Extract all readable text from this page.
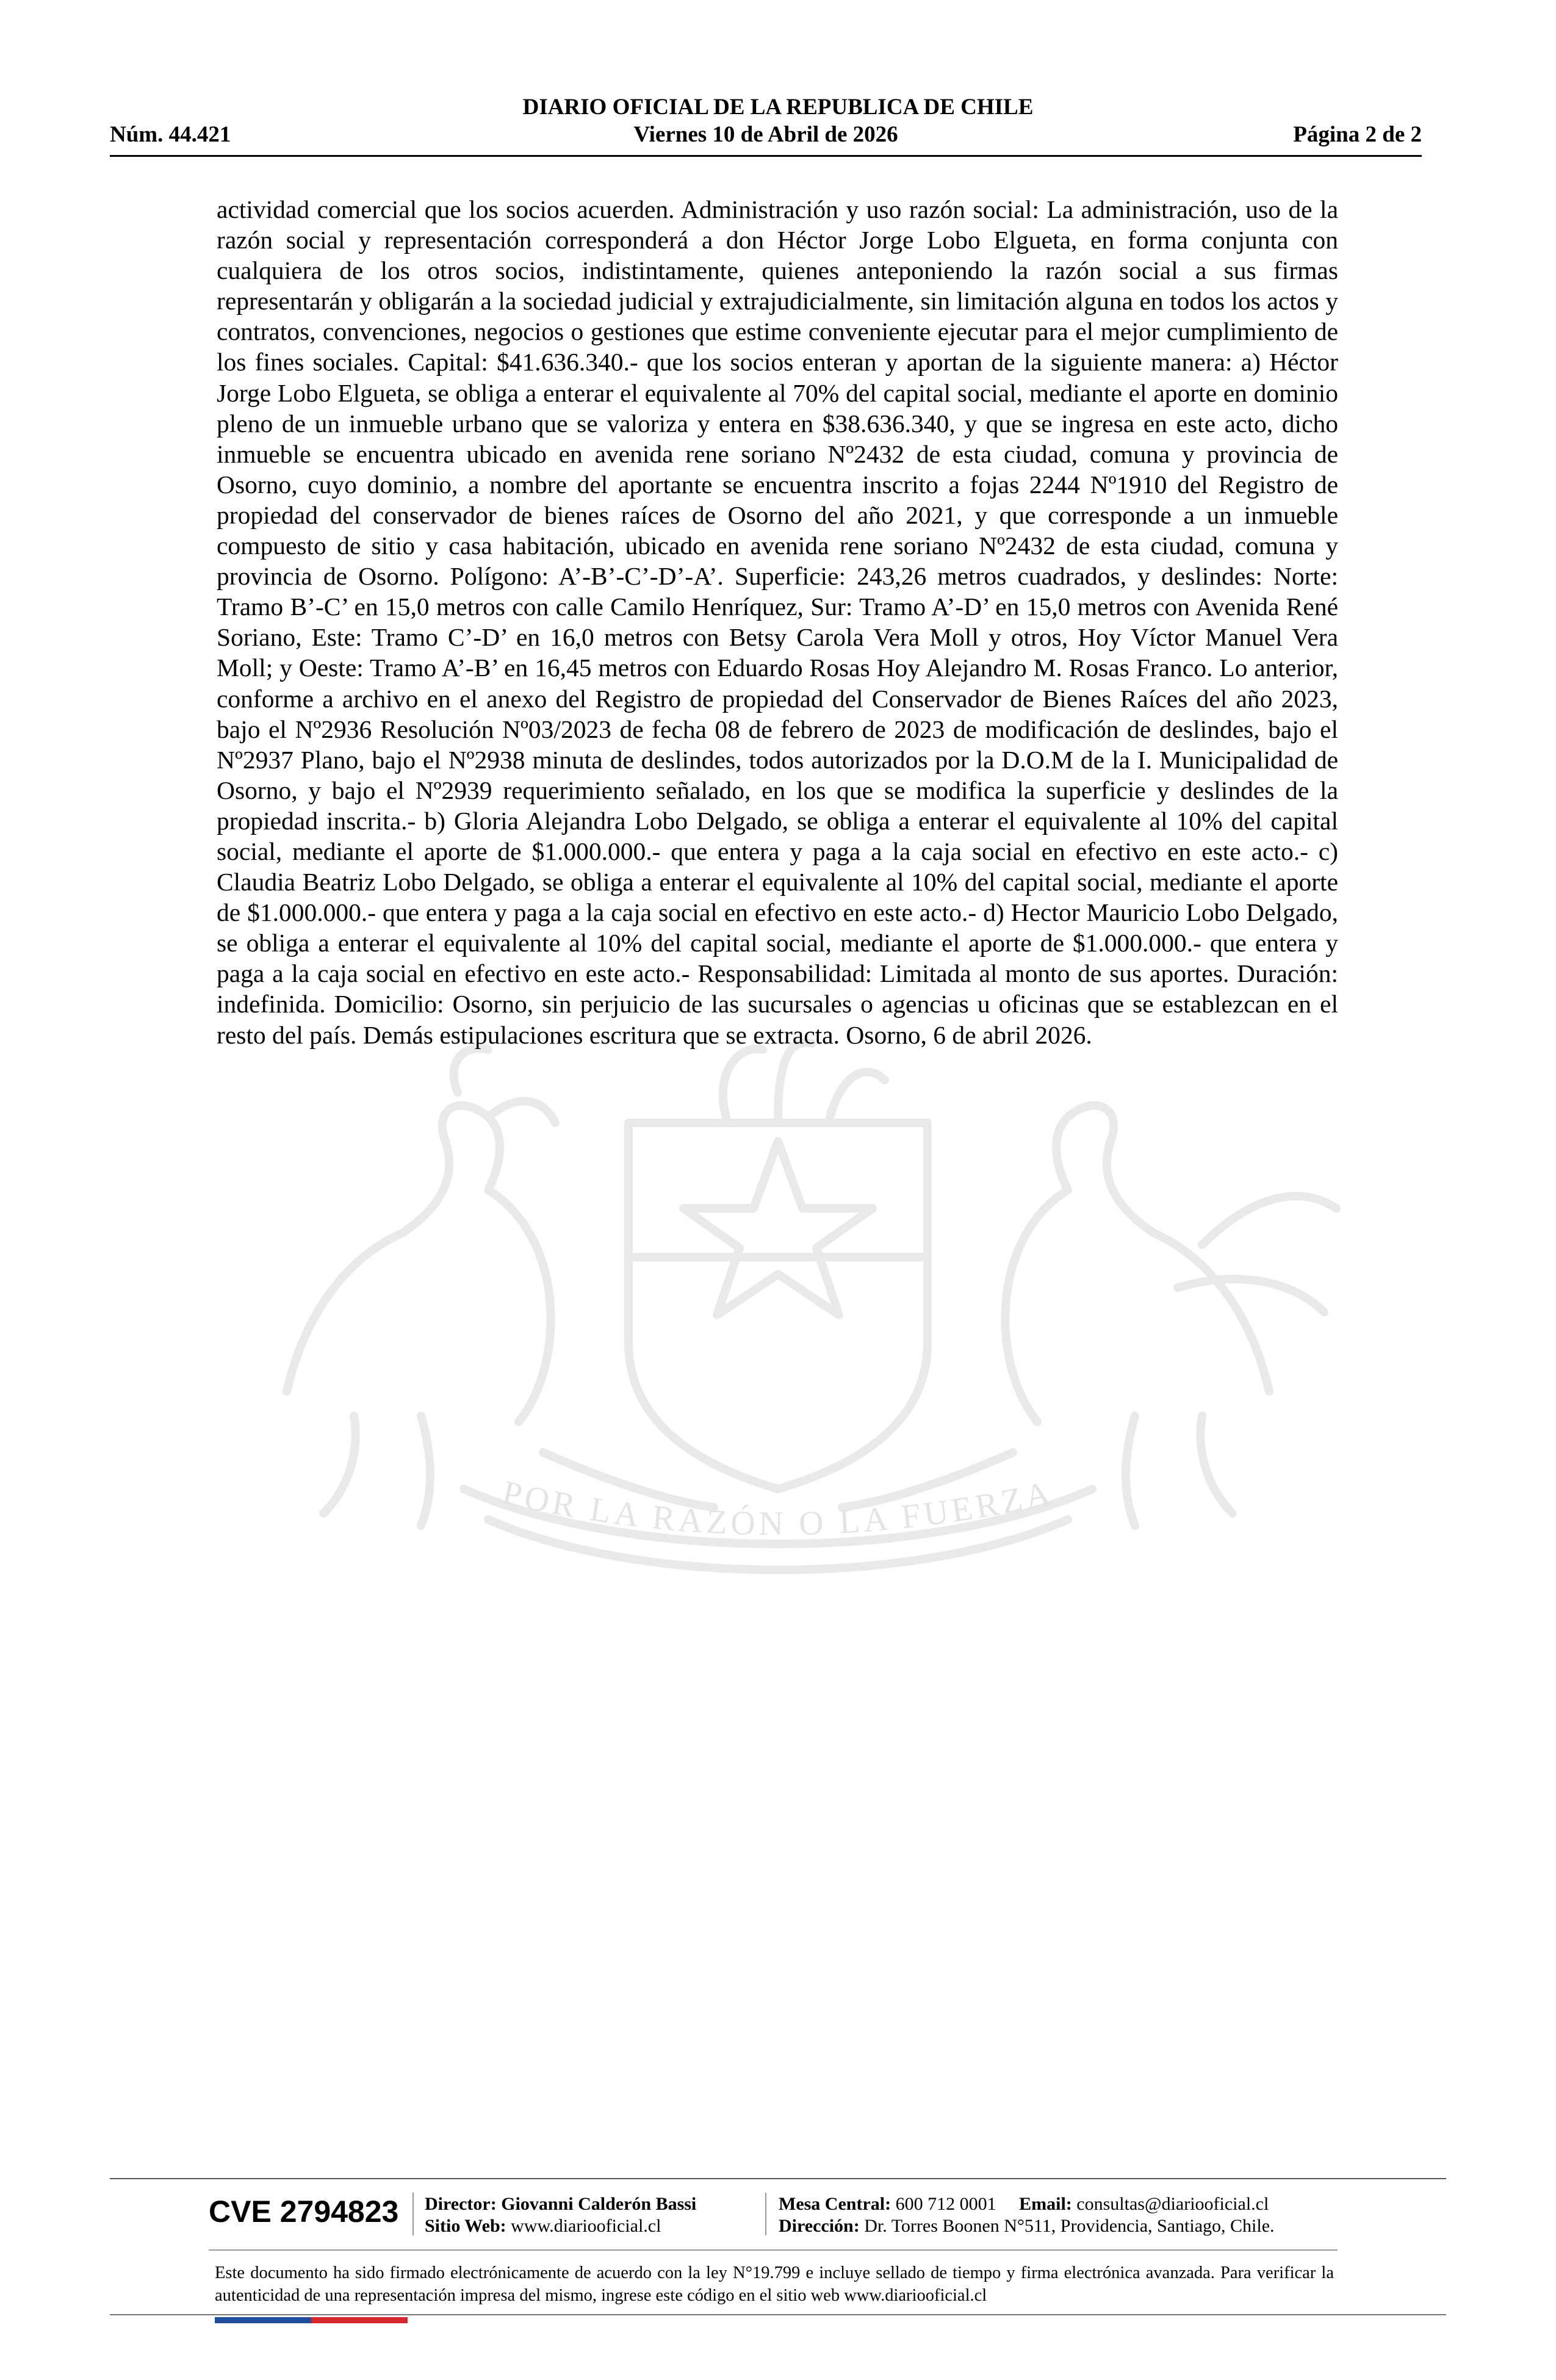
DIARIO OFICIAL DE LA REPUBLICA DE CHILE
Núm. 44.421	Viernes 10 de Abril de 2026	Página 2 de 2
POR LA RAZÓN O LA FUERZA
actividad comercial que los socios acuerden. Administración y uso razón social: La administración, uso de la razón social y representación corresponderá a don Héctor Jorge Lobo Elgueta, en forma conjunta con cualquiera de los otros socios, indistintamente, quienes anteponiendo la razón social a sus firmas representarán y obligarán a la sociedad judicial y extrajudicialmente, sin limitación alguna en todos los actos y contratos, convenciones, negocios o gestiones que estime conveniente ejecutar para el mejor cumplimiento de los fines sociales. Capital: $41.636.340.- que los socios enteran y aportan de la siguiente manera: a) Héctor Jorge Lobo Elgueta, se obliga a enterar el equivalente al 70% del capital social, mediante el aporte en dominio pleno de un inmueble urbano que se valoriza y entera en $38.636.340, y que se ingresa en este acto, dicho inmueble se encuentra ubicado en avenida rene soriano Nº2432 de esta ciudad, comuna y provincia de Osorno, cuyo dominio, a nombre del aportante se encuentra inscrito a fojas 2244 Nº1910 del Registro de propiedad del conservador de bienes raíces de Osorno del año 2021, y que corresponde a un inmueble compuesto de sitio y casa habitación, ubicado en avenida rene soriano Nº2432 de esta ciudad, comuna y provincia de Osorno. Polígono: A’-B’-C’-D’-A’. Superficie: 243,26 metros cuadrados, y deslindes: Norte: Tramo B’-C’ en 15,0 metros con calle Camilo Henríquez, Sur: Tramo A’-D’ en 15,0 metros con Avenida René Soriano, Este: Tramo C’-D’ en 16,0 metros con Betsy Carola Vera Moll y otros, Hoy Víctor Manuel Vera Moll; y Oeste: Tramo A’-B’ en 16,45 metros con Eduardo Rosas Hoy Alejandro M. Rosas Franco. Lo anterior, conforme a archivo en el anexo del Registro de propiedad del Conservador de Bienes Raíces del año 2023, bajo el Nº2936 Resolución Nº03/2023 de fecha 08 de febrero de 2023 de modificación de deslindes, bajo el Nº2937 Plano, bajo el Nº2938 minuta de deslindes, todos autorizados por la D.O.M de la I. Municipalidad de Osorno, y bajo el Nº2939 requerimiento señalado, en los que se modifica la superficie y deslindes de la propiedad inscrita.- b) Gloria Alejandra Lobo Delgado, se obliga a enterar el equivalente al 10% del capital social, mediante el aporte de $1.000.000.- que entera y paga a la caja social en efectivo en este acto.- c) Claudia Beatriz Lobo Delgado, se obliga a enterar el equivalente al 10% del capital social, mediante el aporte de $1.000.000.- que entera y paga a la caja social en efectivo en este acto.- d) Hector Mauricio Lobo Delgado, se obliga a enterar el equivalente al 10% del capital social, mediante el aporte de $1.000.000.- que entera y paga a la caja social en efectivo en este acto.- Responsabilidad: Limitada al monto de sus aportes. Duración: indefinida. Domicilio: Osorno, sin perjuicio de las sucursales o agencias u oficinas que se establezcan en el resto del país. Demás estipulaciones escritura que se extracta. Osorno, 6 de abril 2026.
CVE 2794823 Director: Giovanni Calderón Bassi
Sitio Web: www.diariooficial.cl
Mesa Central: 600 712 0001 Email: consultas@diariooficial.cl
Dirección: Dr. Torres Boonen N°511, Providencia, Santiago, Chile.
Este documento ha sido firmado electrónicamente de acuerdo con la ley N°19.799 e incluye sellado de tiempo y firma electrónica avanzada. Para verificar la autenticidad de una representación impresa del mismo, ingrese este código en el sitio web www.diariooficial.cl
